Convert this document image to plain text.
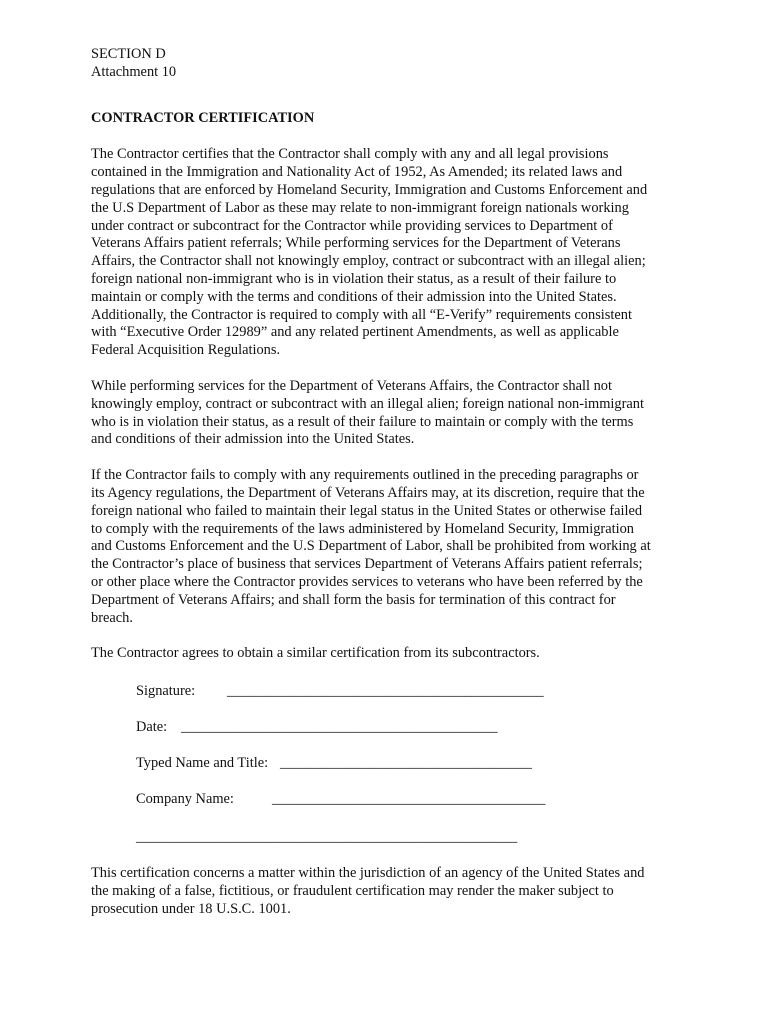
SECTION D
Attachment 10
CONTRACTOR CERTIFICATION
The Contractor certifies that the Contractor shall comply with any and all legal provisions
contained in the Immigration and Nationality Act of 1952, As Amended; its related laws and
regulations that are enforced by Homeland Security, Immigration and Customs Enforcement and
the U.S Department of Labor as these may relate to non-immigrant foreign nationals working
under contract or subcontract for the Contractor while providing services to Department of
Veterans Affairs patient referrals; While performing services for the Department of Veterans
Affairs, the Contractor shall not knowingly employ, contract or subcontract with an illegal alien;
foreign national non-immigrant who is in violation their status, as a result of their failure to
maintain or comply with the terms and conditions of their admission into the United States.
Additionally, the Contractor is required to comply with all “E-Verify” requirements consistent
with “Executive Order 12989” and any related pertinent Amendments, as well as applicable
Federal Acquisition Regulations.
While performing services for the Department of Veterans Affairs, the Contractor shall not
knowingly employ, contract or subcontract with an illegal alien; foreign national non-immigrant
who is in violation their status, as a result of their failure to maintain or comply with the terms
and conditions of their admission into the United States.
If the Contractor fails to comply with any requirements outlined in the preceding paragraphs or
its Agency regulations, the Department of Veterans Affairs may, at its discretion, require that the
foreign national who failed to maintain their legal status in the United States or otherwise failed
to comply with the requirements of the laws administered by Homeland Security, Immigration
and Customs Enforcement and the U.S Department of Labor, shall be prohibited from working at
the Contractor’s place of business that services Department of Veterans Affairs patient referrals;
or other place where the Contractor provides services to veterans who have been referred by the
Department of Veterans Affairs; and shall form the basis for termination of this contract for
breach.
The Contractor agrees to obtain a similar certification from its subcontractors.
Signature: ____________________________________________
Date: ____________________________________________
Typed Name and Title: ___________________________________
Company Name:	______________________________________
_____________________________________________________
This certification concerns a matter within the jurisdiction of an agency of the United States and
the making of a false, fictitious, or fraudulent certification may render the maker subject to
prosecution under 18 U.S.C. 1001.
